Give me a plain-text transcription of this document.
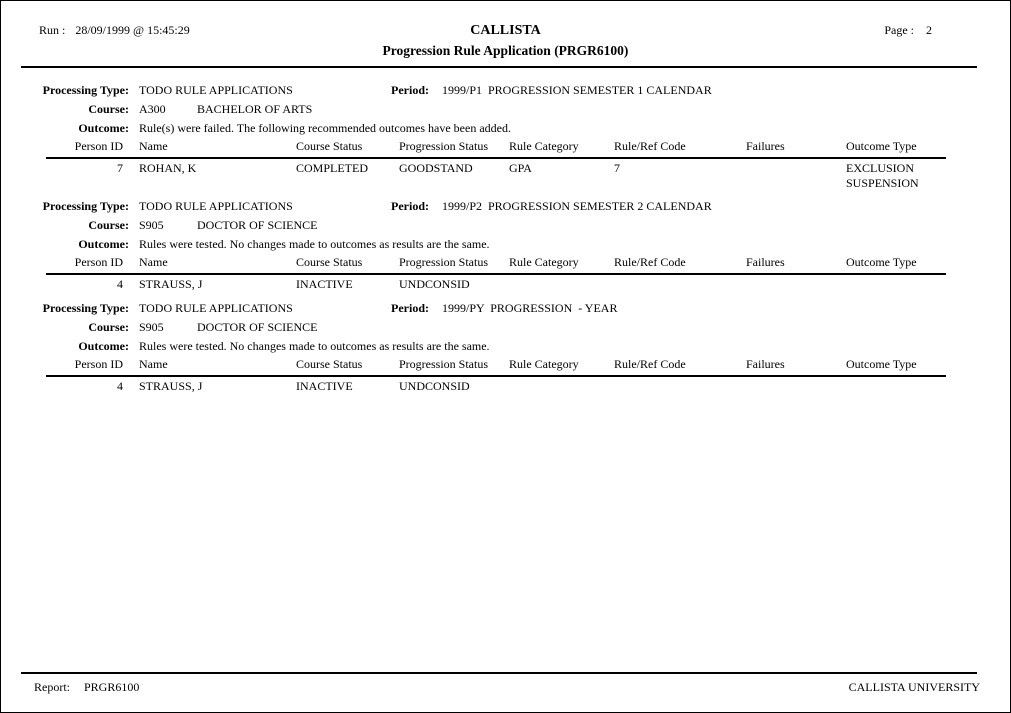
Run : 28/09/1999 @ 15:45:29	CALLISTA	Page : 2
Progression Rule Application (PRGR6100)
Processing Type: TODO RULE APPLICATIONS	Period: 1999/P1  PROGRESSION SEMESTER 1 CALENDAR
Course: A300	BACHELOR OF ARTS
Outcome: Rule(s) were failed. The following recommended outcomes have been added.
Person ID	Name	Course Status	Progression Status	Rule Category	Rule/Ref Code	Failures	Outcome Type
7	ROHAN, K	COMPLETED	GOODSTAND	GPA	7		EXCLUSION
SUSPENSION
Processing Type: TODO RULE APPLICATIONS	Period: 1999/P2  PROGRESSION SEMESTER 2 CALENDAR
Course: S905	DOCTOR OF SCIENCE
Outcome: Rules were tested. No changes made to outcomes as results are the same.
Person ID	Name	Course Status	Progression Status	Rule Category	Rule/Ref Code	Failures	Outcome Type
4	STRAUSS, J	INACTIVE	UNDCONSID				
Processing Type: TODO RULE APPLICATIONS	Period: 1999/PY  PROGRESSION  - YEAR
Course: S905	DOCTOR OF SCIENCE
Outcome: Rules were tested. No changes made to outcomes as results are the same.
Person ID	Name	Course Status	Progression Status	Rule Category	Rule/Ref Code	Failures	Outcome Type
4	STRAUSS, J	INACTIVE	UNDCONSID				
Report: PRGR6100	CALLISTA UNIVERSITY
